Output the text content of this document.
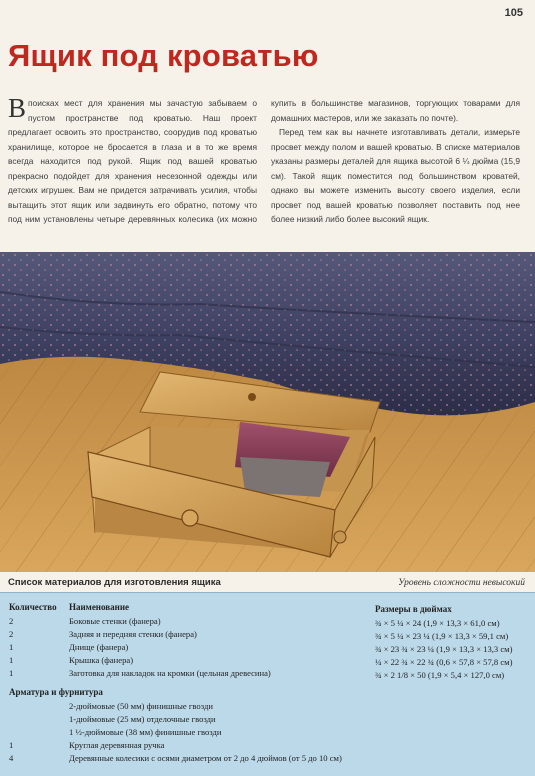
105
Ящик под кроватью

Впоисках мест для хранения мы зачастую забываем о пустом пространстве под кроватью. Наш проект предлагает освоить это пространство, соорудив под кроватью хранилище, которое не бросается в глаза и в то же время всегда находится под рукой. Ящик под вашей кроватью прекрасно подойдет для хранения несезонной одежды или детских игрушек. Вам не придется затрачивать усилия, чтобы вытащить этот ящик или задвинуть его обратно, потому что под ним установлены четыре деревянных колесика (их можно купить в большинстве магазинов, торгующих товарами для домашних мастеров, или же заказать по почте).

Перед тем как вы начнете изготавливать детали, измерьте просвет между полом и вашей кроватью. В списке материалов указаны размеры деталей для ящика высотой 6 ¼ дюйма (15,9 см). Такой ящик поместится под большинством кроватей, однако вы можете изменить высоту своего изделия, если просвет под вашей кроватью позволяет поставить под нее более низкий либо более высокий ящик.

Список материалов для изготовления ящика	Уровень сложности невысокий
Количество Наименование	Размеры в дюймах
2	Боковые стенки (фанера)	¾ × 5 ¼ × 24 (1,9 × 13,3 × 61,0 см)
2	Задняя и передняя стенки (фанера)	¾ × 5 ¼ × 23 ¼ (1,9 × 13,3 × 59,1 см)
1	Днище (фанера)	¾ × 23 ¾ × 23 ¼ (1,9 × 13,3 × 13,3 см)
1	Крышка (фанера)	¼ × 22 ¾ × 22 ¾ (0,6 × 57,8 × 57,8 см)
1	Заготовка для накладок на кромки (цельная древесина)	¾ × 2 1/8 × 50 (1,9 × 5,4 × 127,0 см)
Арматура и фурнитура
2-дюймовые (50 мм) финишные гвозди
1-дюймовые (25 мм) отделочные гвозди
1 ½-дюймовые (38 мм) финишные гвозди
1	Круглая деревянная ручка
4	Деревянные колесики с осями диаметром от 2 до 4 дюймов (от 5 до 10 см)
